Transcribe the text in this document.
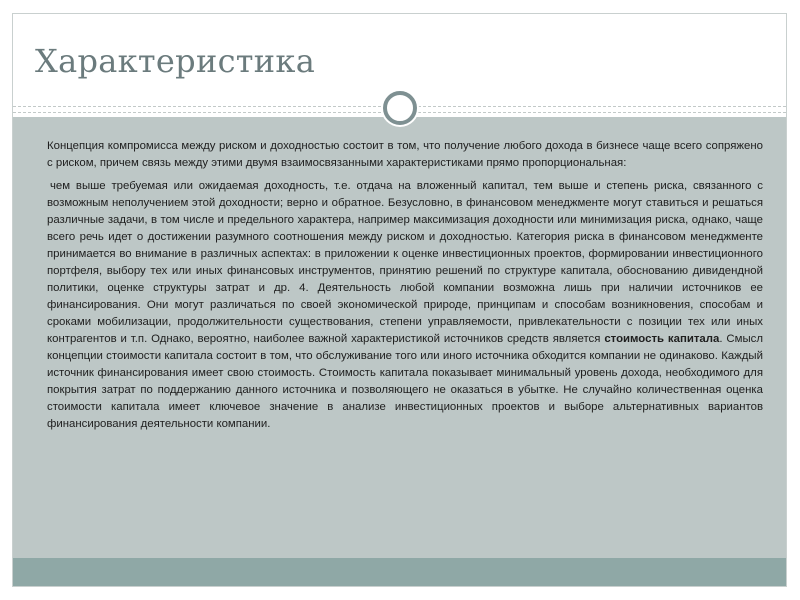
Характеристика

Концепция компромисса между риском и доходностью состоит в том, что получение любого дохода в бизнесе чаще всего сопряжено с риском, причем связь между этими двумя взаимосвязанными характеристиками прямо пропорциональная:

чем выше требуемая или ожидаемая доходность, т.е. отдача на вложенный капитал, тем выше и степень риска, связанного с возможным неполучением этой доходности; верно и обратное. Безусловно, в финансовом менеджменте могут ставиться и решаться различные задачи, в том числе и предельного характера, например максимизация доходности или минимизация риска, однако, чаще всего речь идет о достижении разумного соотношения между риском и доходностью. Категория риска в финансовом менеджменте принимается во внимание в различных аспектах: в приложении к оценке инвестиционных проектов, формировании инвестиционного портфеля, выбору тех или иных финансовых инструментов, принятию решений по структуре капитала, обоснованию дивидендной политики, оценке структуры затрат и др. 4. Деятельность любой компании возможна лишь при наличии источников ее финансирования. Они могут различаться по своей экономической природе, принципам и способам возникновения, способам и сроками мобилизации, продолжительности существования, степени управляемости, привлекательности с позиции тех или иных контрагентов и т.п. Однако, вероятно, наиболее важной характеристикой источников средств является стоимость капитала. Смысл концепции стоимости капитала состоит в том, что обслуживание того или иного источника обходится компании не одинаково. Каждый источник финансирования имеет свою стоимость. Стоимость капитала показывает минимальный уровень дохода, необходимого для покрытия затрат по поддержанию данного источника и позволяющего не оказаться в убытке. Не случайно количественная оценка стоимости капитала имеет ключевое значение в анализе инвестиционных проектов и выборе альтернативных вариантов финансирования деятельности компании.
